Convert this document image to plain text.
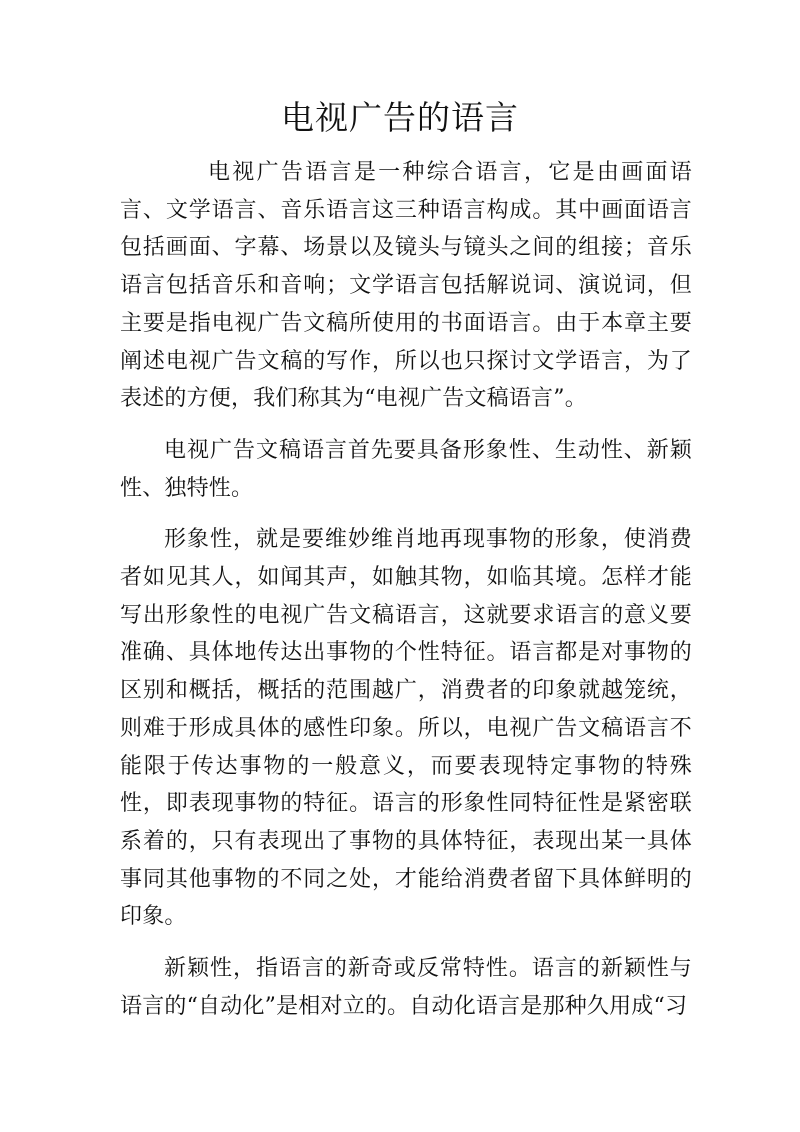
电视广告的语言

电视广告语言是一种综合语言，它是由画面语言、文学语言、音乐语言这三种语言构成。其中画面语言包括画面、字幕、场景以及镜头与镜头之间的组接；音乐语言包括音乐和音响；文学语言包括解说词、演说词，但主要是指电视广告文稿所使用的书面语言。由于本章主要阐述电视广告文稿的写作，所以也只探讨文学语言，为了表述的方便，我们称其为“电视广告文稿语言”。

电视广告文稿语言首先要具备形象性、生动性、新颖性、独特性。

形象性，就是要维妙维肖地再现事物的形象，使消费者如见其人，如闻其声，如触其物，如临其境。怎样才能写出形象性的电视广告文稿语言，这就要求语言的意义要准确、具体地传达出事物的个性特征。语言都是对事物的区别和概括，概括的范围越广，消费者的印象就越笼统，则难于形成具体的感性印象。所以，电视广告文稿语言不能限于传达事物的一般意义，而要表现特定事物的特殊性，即表现事物的特征。语言的形象性同特征性是紧密联系着的，只有表现出了事物的具体特征，表现出某一具体事同其他事物的不同之处，才能给消费者留下具体鲜明的印象。

新颖性，指语言的新奇或反常特性。语言的新颖性与语言的“自动化”是相对立的。自动化语言是那种久用成“习
